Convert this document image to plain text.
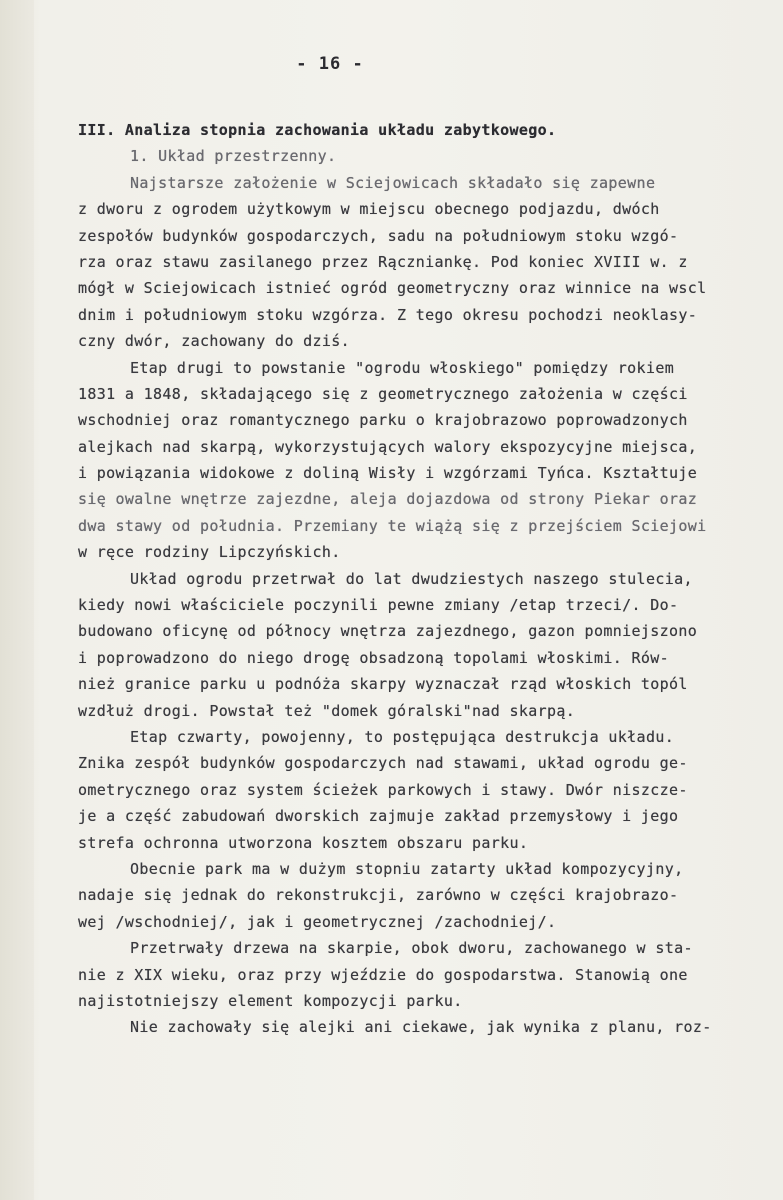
- 16 -
III. Analiza stopnia zachowania układu zabytkowego.
1. Układ przestrzenny.
Najstarsze założenie w Sciejowicach składało się zapewne
z dworu z ogrodem użytkowym w miejscu obecnego podjazdu, dwóch
zespołów budynków gospodarczych, sadu na południowym stoku wzgó-
rza oraz stawu zasilanego przez Rączniankę. Pod koniec XVIII w. z
mógł w Sciejowicach istnieć ogród geometryczny oraz winnice na wscl
dnim i południowym stoku wzgórza. Z tego okresu pochodzi neoklasy-
czny dwór, zachowany do dziś.
Etap drugi to powstanie "ogrodu włoskiego" pomiędzy rokiem
1831 a 1848, składającego się z geometrycznego założenia w części
wschodniej oraz romantycznego parku o krajobrazowo poprowadzonych
alejkach nad skarpą, wykorzystujących walory ekspozycyjne miejsca,
i powiązania widokowe z doliną Wisły i wzgórzami Tyńca. Kształtuje
się owalne wnętrze zajezdne, aleja dojazdowa od strony Piekar oraz
dwa stawy od południa. Przemiany te wiążą się z przejściem Sciejowi
w ręce rodziny Lipczyńskich.
Układ ogrodu przetrwał do lat dwudziestych naszego stulecia,
kiedy nowi właściciele poczynili pewne zmiany /etap trzeci/. Do-
budowano oficynę od północy wnętrza zajezdnego, gazon pomniejszono
i poprowadzono do niego drogę obsadzoną topolami włoskimi. Rów-
nież granice parku u podnóża skarpy wyznaczał rząd włoskich topól
wzdłuż drogi. Powstał też "domek góralski"nad skarpą.
Etap czwarty, powojenny, to postępująca destrukcja układu.
Znika zespół budynków gospodarczych nad stawami, układ ogrodu ge-
ometrycznego oraz system ścieżek parkowych i stawy. Dwór niszcze-
je a część zabudowań dworskich zajmuje zakład przemysłowy i jego
strefa ochronna utworzona kosztem obszaru parku.
Obecnie park ma w dużym stopniu zatarty układ kompozycyjny,
nadaje się jednak do rekonstrukcji, zarówno w części krajobrazo-
wej /wschodniej/, jak i geometrycznej /zachodniej/.
Przetrwały drzewa na skarpie, obok dworu, zachowanego w sta-
nie z XIX wieku, oraz przy wjeździe do gospodarstwa. Stanowią one
najistotniejszy element kompozycji parku.
Nie zachowały się alejki ani ciekawe, jak wynika z planu, roz-
